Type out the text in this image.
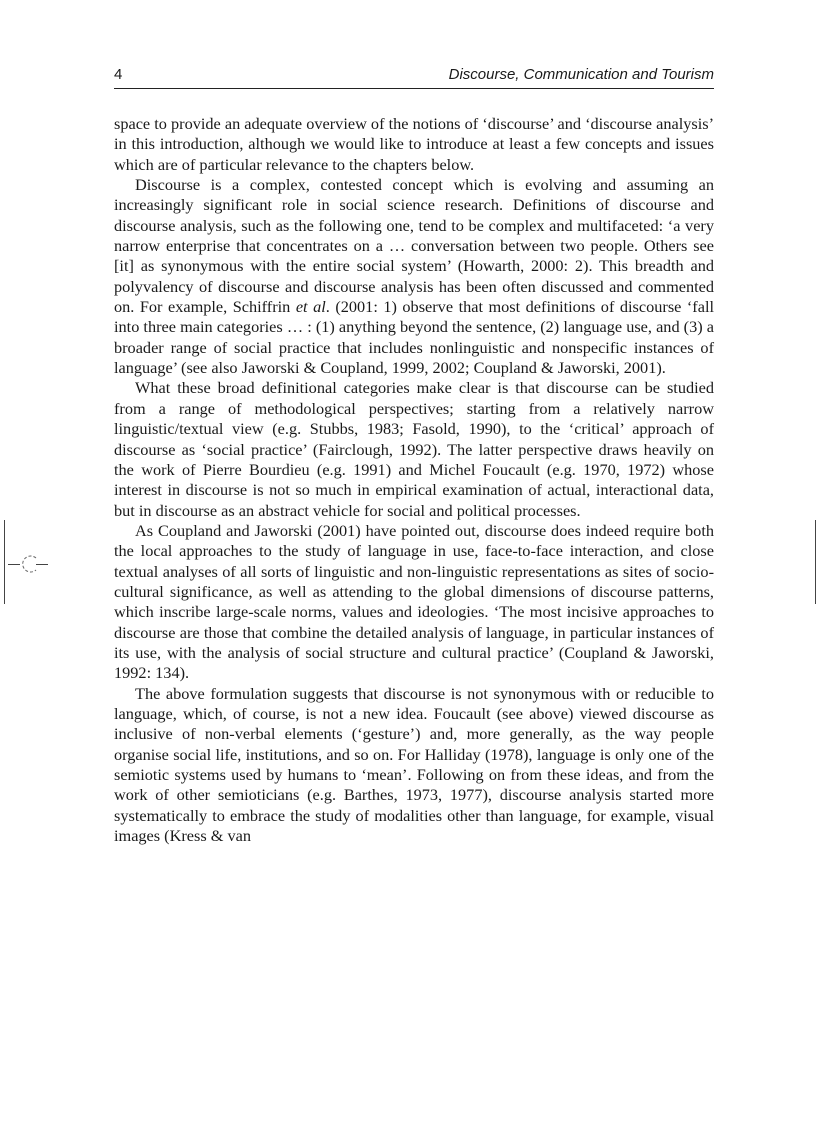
4	Discourse, Communication and Tourism

space to provide an adequate overview of the notions of ‘discourse’ and ‘discourse analysis’ in this introduction, although we would like to introduce at least a few concepts and issues which are of particular relevance to the chapters below.

Discourse is a complex, contested concept which is evolving and assuming an increasingly significant role in social science research. Definitions of discourse and discourse analysis, such as the following one, tend to be complex and multifaceted: ‘a very narrow enterprise that concentrates on a … conversation between two people. Others see [it] as synonymous with the entire social system’ (Howarth, 2000: 2). This breadth and polyvalency of discourse and discourse analysis has been often discussed and commented on. For example, Schiffrin et al. (2001: 1) observe that most definitions of discourse ‘fall into three main categories … : (1) anything beyond the sentence, (2) language use, and (3) a broader range of social practice that includes nonlinguistic and nonspecific instances of language’ (see also Jaworski & Coupland, 1999, 2002; Coupland & Jaworski, 2001).

What these broad definitional categories make clear is that discourse can be studied from a range of methodological perspectives; starting from a relatively narrow linguistic/textual view (e.g. Stubbs, 1983; Fasold, 1990), to the ‘critical’ approach of discourse as ‘social practice’ (Fairclough, 1992). The latter perspective draws heavily on the work of Pierre Bourdieu (e.g. 1991) and Michel Foucault (e.g. 1970, 1972) whose interest in discourse is not so much in empirical examination of actual, interactional data, but in discourse as an abstract vehicle for social and political processes.

As Coupland and Jaworski (2001) have pointed out, discourse does indeed require both the local approaches to the study of language in use, face-to-face interaction, and close textual analyses of all sorts of linguistic and non-linguistic representations as sites of socio-cultural significance, as well as attending to the global dimensions of discourse patterns, which inscribe large-scale norms, values and ideologies. ‘The most incisive approaches to discourse are those that combine the detailed analysis of language, in particular instances of its use, with the analysis of social structure and cultural practice’ (Coupland & Jaworski, 1992: 134).

The above formulation suggests that discourse is not synonymous with or reducible to language, which, of course, is not a new idea. Foucault (see above) viewed discourse as inclusive of non-verbal elements (‘gesture’) and, more generally, as the way people organise social life, institutions, and so on. For Halliday (1978), language is only one of the semiotic systems used by humans to ‘mean’. Following on from these ideas, and from the work of other semioticians (e.g. Barthes, 1973, 1977), discourse analysis started more systematically to embrace the study of modalities other than language, for example, visual images (Kress & van
